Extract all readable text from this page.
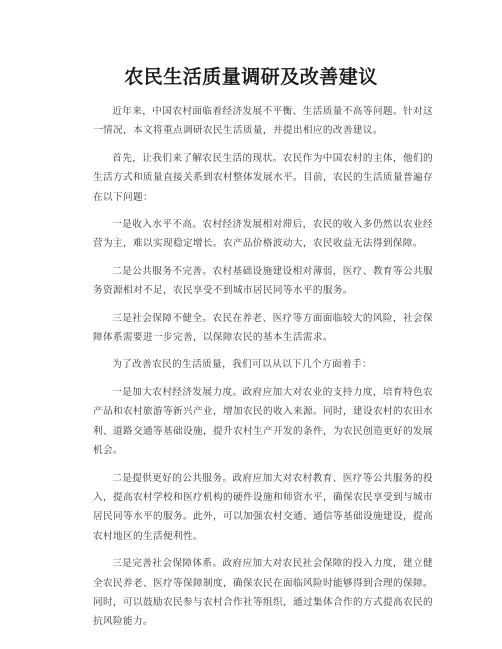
农民生活质量调研及改善建议

近年来，中国农村面临着经济发展不平衡、生活质量不高等问题。针对这一情况，本文将重点调研农民生活质量，并提出相应的改善建议。

首先，让我们来了解农民生活的现状。农民作为中国农村的主体，他们的生活方式和质量直接关系到农村整体发展水平。目前，农民的生活质量普遍存在以下问题：

一是收入水平不高。农村经济发展相对滞后，农民的收入多仍然以农业经营为主，难以实现稳定增长。农产品价格波动大，农民收益无法得到保障。

二是公共服务不完善。农村基础设施建设相对薄弱，医疗、教育等公共服务资源相对不足，农民享受不到城市居民同等水平的服务。

三是社会保障不健全。农民在养老、医疗等方面面临较大的风险，社会保障体系需要进一步完善，以保障农民的基本生活需求。

为了改善农民的生活质量，我们可以从以下几个方面着手：

一是加大农村经济发展力度。政府应加大对农业的支持力度，培育特色农产品和农村旅游等新兴产业，增加农民的收入来源。同时，建设农村的农田水利、道路交通等基础设施，提升农村生产开发的条件，为农民创造更好的发展机会。

二是提供更好的公共服务。政府应加大对农村教育、医疗等公共服务的投入，提高农村学校和医疗机构的硬件设施和师资水平，确保农民享受到与城市居民同等水平的服务。此外，可以加强农村交通、通信等基础设施建设，提高农村地区的生活便利性。

三是完善社会保障体系。政府应加大对农民社会保障的投入力度，建立健全农民养老、医疗等保障制度，确保农民在面临风险时能够得到合理的保障。同时，可以鼓励农民参与农村合作社等组织，通过集体合作的方式提高农民的抗风险能力。
